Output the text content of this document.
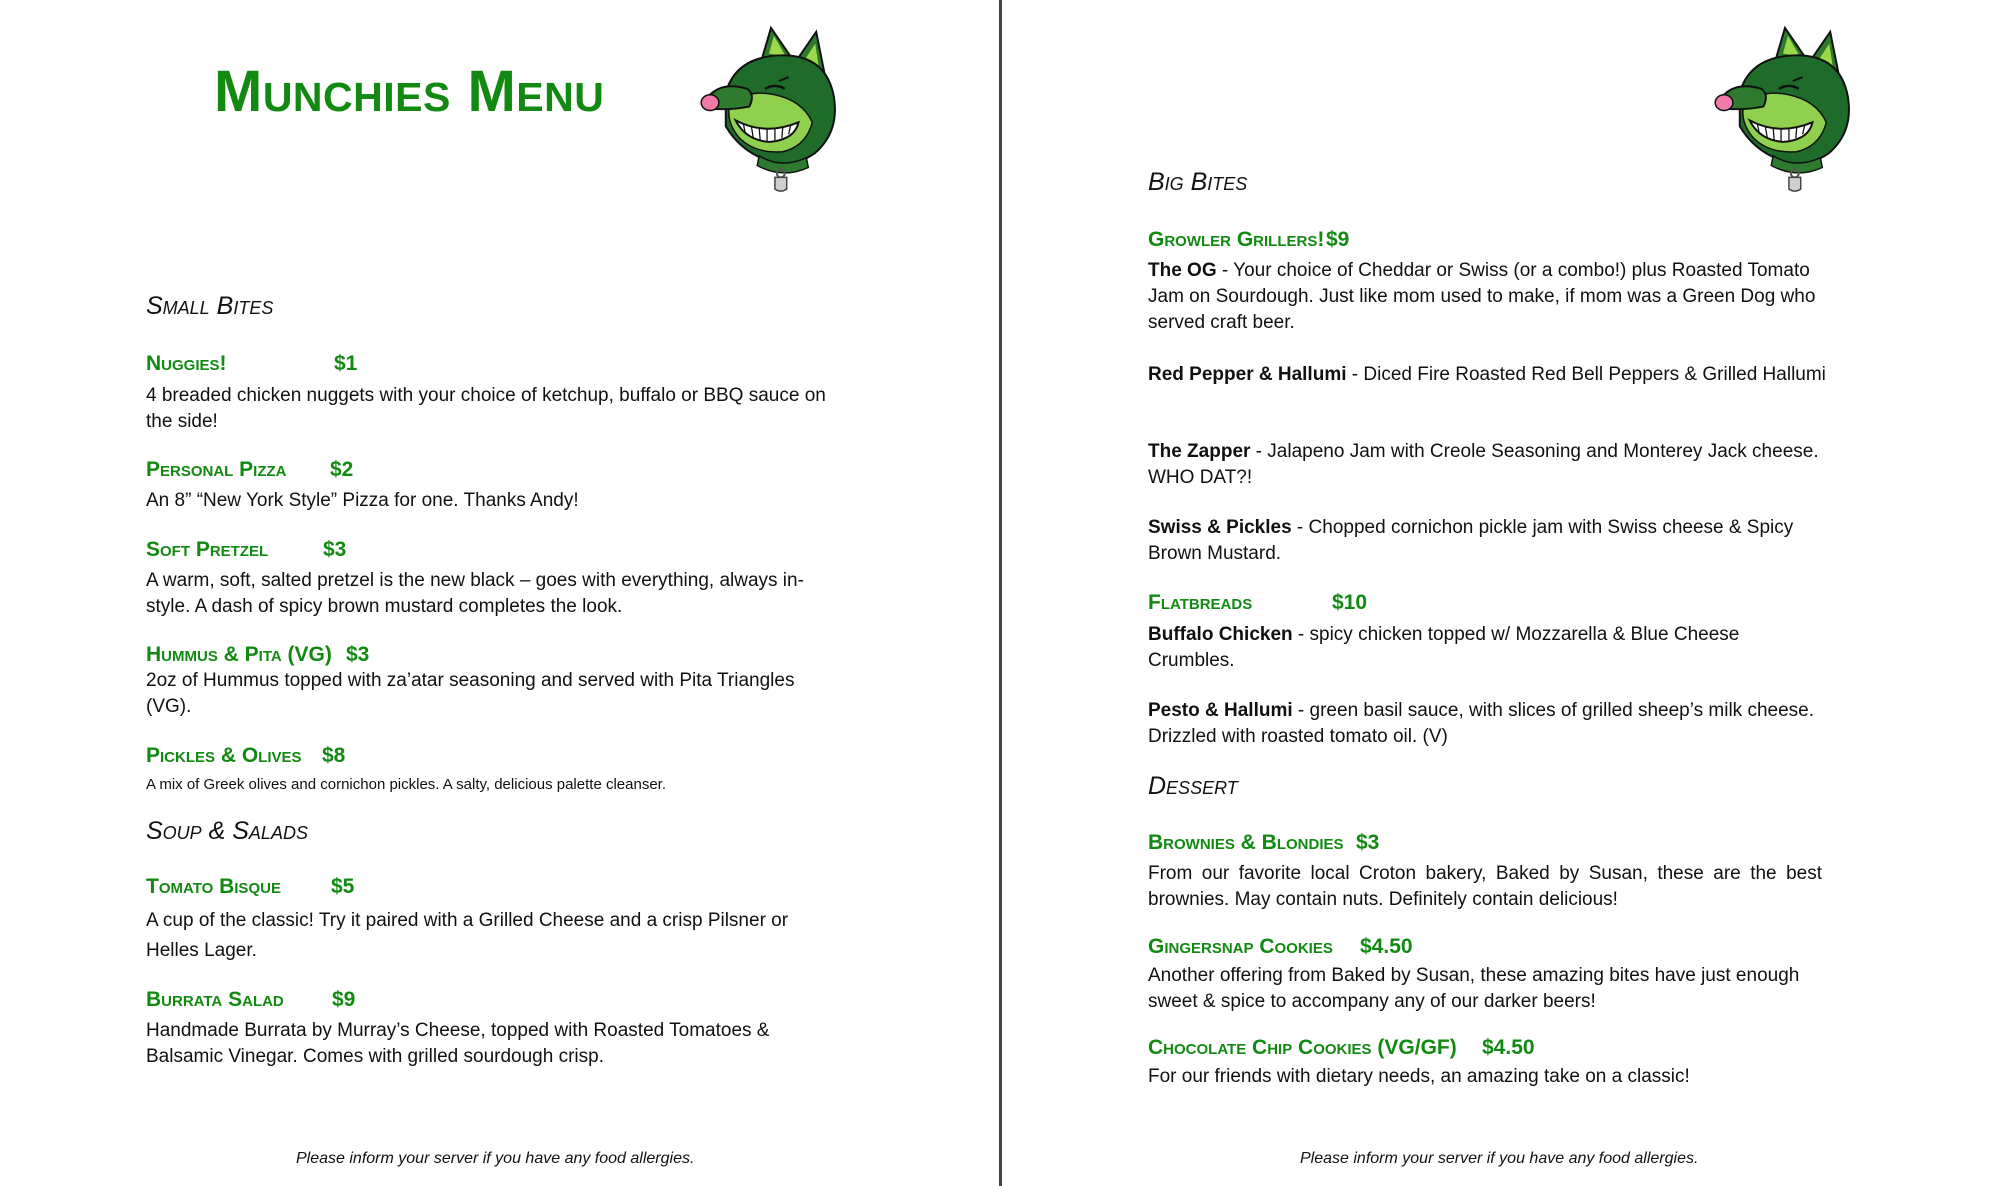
Munchies Menu
Small Bites
Nuggies!	$1
4 breaded chicken nuggets with your choice of ketchup, buffalo or BBQ sauce on the side!
Personal Pizza $2
An 8” “New York Style” Pizza for one. Thanks Andy!
Soft Pretzel	$3
A warm, soft, salted pretzel is the new black – goes with everything, always in-style. A dash of spicy brown mustard completes the look.
Hummus & Pita (VG) $3
2oz of Hummus topped with za’atar seasoning and served with Pita Triangles (VG).
Pickles & Olives $8
A mix of Greek olives and cornichon pickles. A salty, delicious palette cleanser.
Soup & Salads
Tomato Bisque $5
A cup of the classic! Try it paired with a Grilled Cheese and a crisp Pilsner or Helles Lager.
Burrata Salad $9
Handmade Burrata by Murray’s Cheese, topped with Roasted Tomatoes & Balsamic Vinegar. Comes with grilled sourdough crisp.
Please inform your server if you have any food allergies.
Big Bites
Growler Grillers! $9
The OG - Your choice of Cheddar or Swiss (or a combo!) plus Roasted Tomato Jam on Sourdough. Just like mom used to make, if mom was a Green Dog who served craft beer.
Red Pepper & Hallumi - Diced Fire Roasted Red Bell Peppers & Grilled Hallumi
The Zapper - Jalapeno Jam with Creole Seasoning and Monterey Jack cheese. WHO DAT?!
Swiss & Pickles - Chopped cornichon pickle jam with Swiss cheese & Spicy Brown Mustard.
Flatbreads	$10
Buffalo Chicken - spicy chicken topped w/ Mozzarella & Blue Cheese Crumbles.
Pesto & Hallumi - green basil sauce, with slices of grilled sheep’s milk cheese. Drizzled with roasted tomato oil. (V)
Dessert
Brownies & Blondies $3
From our favorite local Croton bakery, Baked by Susan, these are the best brownies. May contain nuts. Definitely contain delicious!
Gingersnap Cookies $4.50
Another offering from Baked by Susan, these amazing bites have just enough sweet & spice to accompany any of our darker beers!
Chocolate Chip Cookies (VG/GF) $4.50
For our friends with dietary needs, an amazing take on a classic!
Please inform your server if you have any food allergies.
